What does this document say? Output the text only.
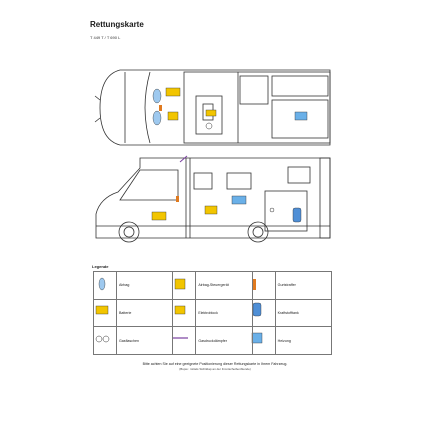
Rettungskarte
T 449 T / T 690 L
Legende
	Airbag		Airbag-Steuergerät		Gurtstraffer
	Batterie		Elektroblock		Kraftstofftank
	Gasflaschen		Gasdruckdämpfer		Heizung
Bitte achten Sie auf eine geeignete Positionierung dieser Rettungskarte in Ihrem Fahrzeug.
(Bspw.: mittels Sichtklap an der Frontscheibenblende)
